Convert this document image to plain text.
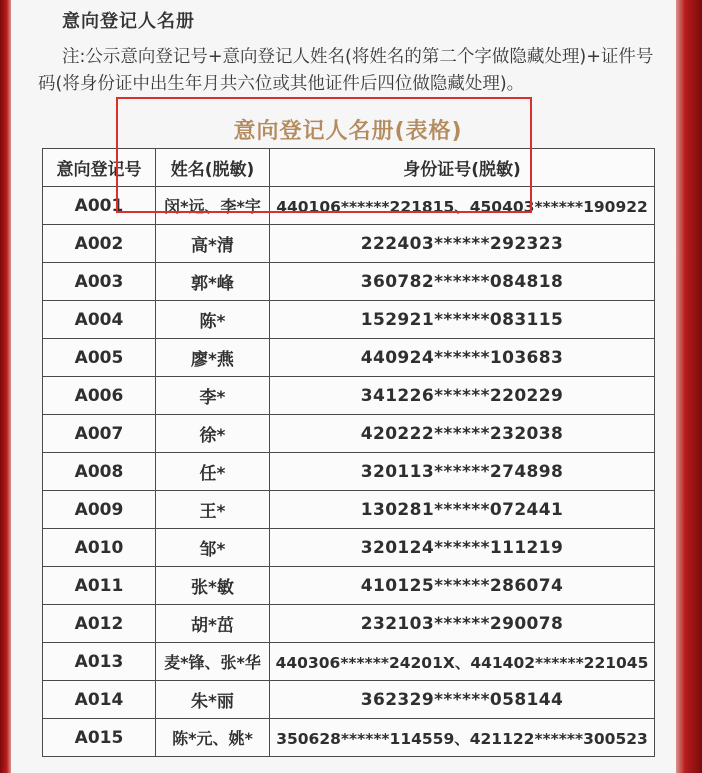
意向登记人名册
注:公示意向登记号+意向登记人姓名(将姓名的第二个字做隐藏处理)+证件号码(将身份证中出生年月共六位或其他证件后四位做隐藏处理)。
意向登记人名册(表格)
意向登记号	姓名(脱敏)	身份证号(脱敏)
A001	闵*远、李*宇	440106******221815、450403******190922
A002	高*清	222403******292323
A003	郭*峰	360782******084818
A004	陈*	152921******083115
A005	廖*燕	440924******103683
A006	李*	341226******220229
A007	徐*	420222******232038
A008	任*	320113******274898
A009	王*	130281******072441
A010	邹*	320124******111219
A011	张*敏	410125******286074
A012	胡*茁	232103******290078
A013	麦*锋、张*华	440306******24201X、441402******221045
A014	朱*丽	362329******058144
A015	陈*元、姚*	350628******114559、421122******300523
